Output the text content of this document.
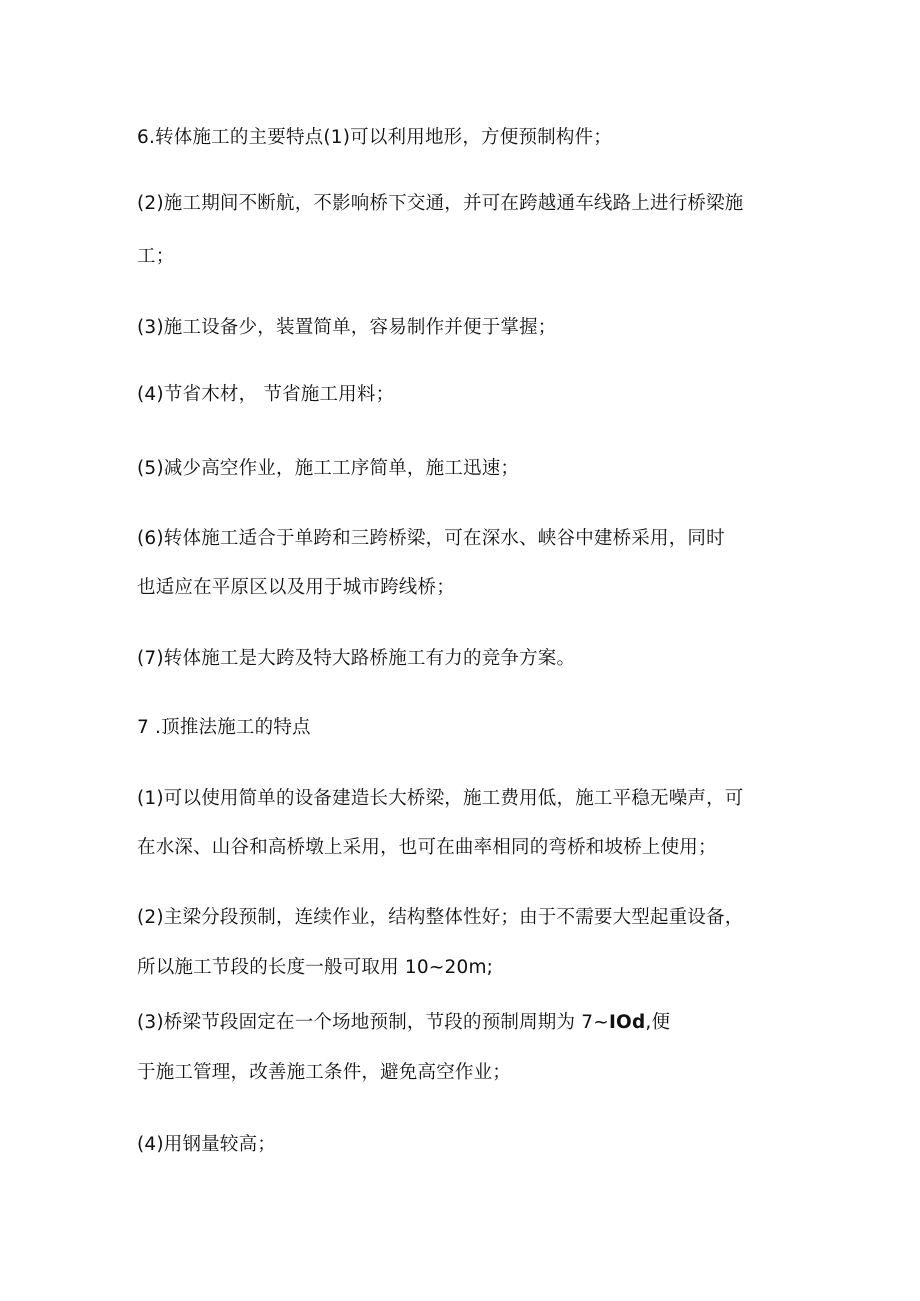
6.转体施工的主要特点(1)可以利用地形，方便预制构件；
(2)施工期间不断航，不影响桥下交通，并可在跨越通车线路上进行桥梁施
工；
(3)施工设备少，装置简单，容易制作并便于掌握；
(4)节省木材， 节省施工用料；
(5)减少高空作业，施工工序简单，施工迅速；
(6)转体施工适合于单跨和三跨桥梁，可在深水、峡谷中建桥采用，同时
也适应在平原区以及用于城市跨线桥；
(7)转体施工是大跨及特大路桥施工有力的竞争方案。
7 .顶推法施工的特点
(1)可以使用简单的设备建造长大桥梁，施工费用低，施工平稳无噪声，可
在水深、山谷和高桥墩上采用，也可在曲率相同的弯桥和坡桥上使用；
(2)主梁分段预制，连续作业，结构整体性好；由于不需要大型起重设备，
所以施工节段的长度一般可取用 10~20m;
(3)桥梁节段固定在一个场地预制，节段的预制周期为 7~IOd,便
于施工管理，改善施工条件，避免高空作业；
(4)用钢量较高；
